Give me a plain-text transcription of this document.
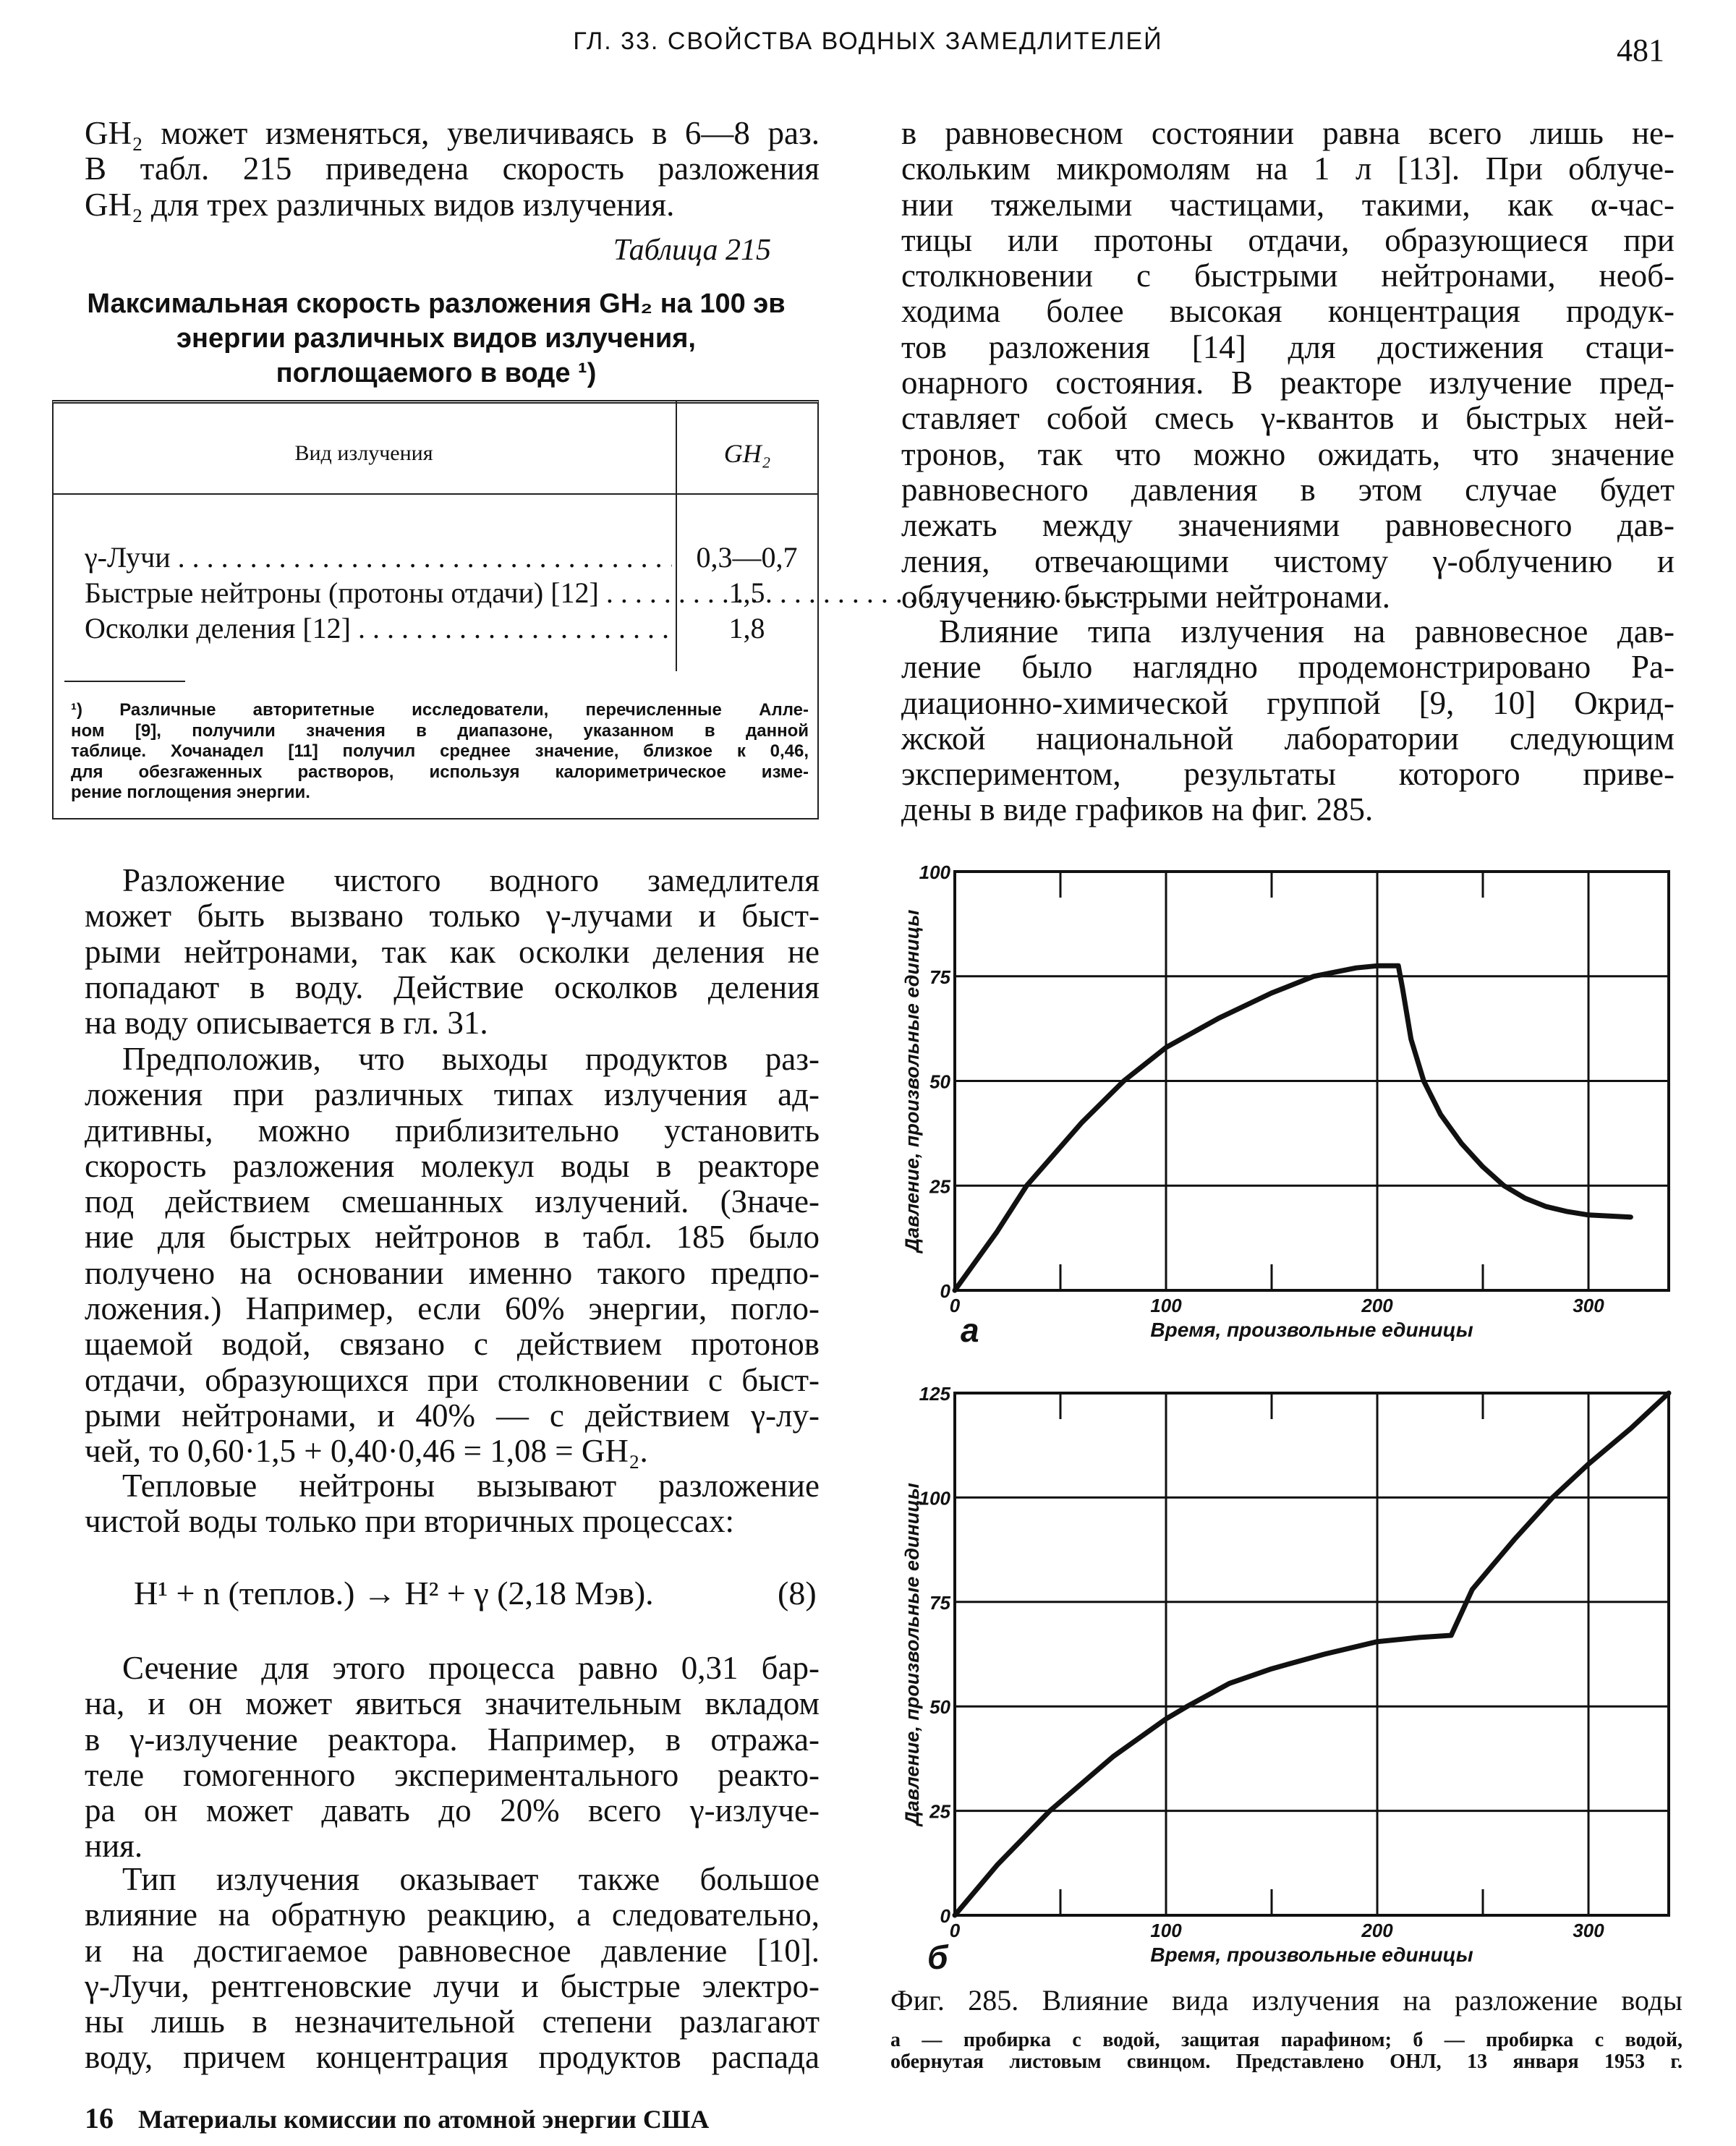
ГЛ. 33. СВОЙСТВА ВОДНЫХ ЗАМЕДЛИТЕЛЕЙ	481
GH₂ может изменяться, увеличиваясь в 6—8 раз.
В табл. 215 приведена скорость разложения
GH₂ для трех различных видов излучения.
Таблица 215
Максимальная скорость разложения GH₂ на 100 эв
энергии различных видов излучения,
поглощаемого в воде ¹)
Вид излучения	GH₂
γ-Лучи . . .	0,3—0,7
Быстрые нейтроны (протоны отдачи) [12] . . .	1,5
Осколки деления [12] . . .	1,8
¹) Различные авторитетные исследователи, перечисленные Алле-
ном [9], получили значения в диапазоне, указанном в данной
таблице. Хочанадел [11] получил среднее значение, близкое к 0,46,
для обезгаженных растворов, используя калориметрическое изме-
рение поглощения энергии.
Разложение чистого водного замедлителя
может быть вызвано только γ-лучами и быст-
рыми нейтронами, так как осколки деления не
попадают в воду. Действие осколков деления
на воду описывается в гл. 31.
Предположив, что выходы продуктов раз-
ложения при различных типах излучения ад-
дитивны, можно приблизительно установить
скорость разложения молекул воды в реакторе
под действием смешанных излучений. (Значе-
ние для быстрых нейтронов в табл. 185 было
получено на основании именно такого предпо-
ложения.) Например, если 60% энергии, погло-
щаемой водой, связано с действием протонов
отдачи, образующихся при столкновении с быст-
рыми нейтронами, и 40% — с действием γ-лу-
чей, то 0,60·1,5 + 0,40·0,46 = 1,08 = GH₂.
Тепловые нейтроны вызывают разложение
чистой воды только при вторичных процессах:
H¹ + n (теплов.) → H² + γ (2,18 Мэв).	(8)
Сечение для этого процесса равно 0,31 бар-
на, и он может явиться значительным вкладом
в γ-излучение реактора. Например, в отража-
теле гомогенного экспериментального реакто-
ра он может давать до 20% всего γ-излуче-
ния.
Тип излучения оказывает также большое
влияние на обратную реакцию, а следовательно,
и на достигаемое равновесное давление [10].
γ-Лучи, рентгеновские лучи и быстрые электро-
ны лишь в незначительной степени разлагают
воду, причем концентрация продуктов распада
в равновесном состоянии равна всего лишь не-
скольким микромолям на 1 л [13]. При облуче-
нии тяжелыми частицами, такими, как α-час-
тицы или протоны отдачи, образующиеся при
столкновении с быстрыми нейтронами, необ-
ходима более высокая концентрация продук-
тов разложения [14] для достижения стаци-
онарного состояния. В реакторе излучение пред-
ставляет собой смесь γ-квантов и быстрых ней-
тронов, так что можно ожидать, что значение
равновесного давления в этом случае будет
лежать между значениями равновесного дав-
ления, отвечающими чистому γ-облучению и
облучению быстрыми нейтронами.
Влияние типа излучения на равновесное дав-
ление было наглядно продемонстрировано Ра-
диационно-химической группой [9, 10] Окрид-
жской национальной лаборатории следующим
экспериментом, результаты которого приве-
дены в виде графиков на фиг. 285.
0
25
50
75
100
0	100	200	300
Время, произвольные единицы
Давление, произвольные единицы
а
0
25
50
75
100
125
0	100	200	300
Время, произвольные единицы
Давление, произвольные единицы
б
Фиг. 285. Влияние вида излучения на разложение воды
а — пробирка с водой, защитая парафином; б — пробирка с водой,
обернутая листовым свинцом. Представлено ОНЛ, 13 января 1953 г.
16 Материалы комиссии по атомной энергии США
